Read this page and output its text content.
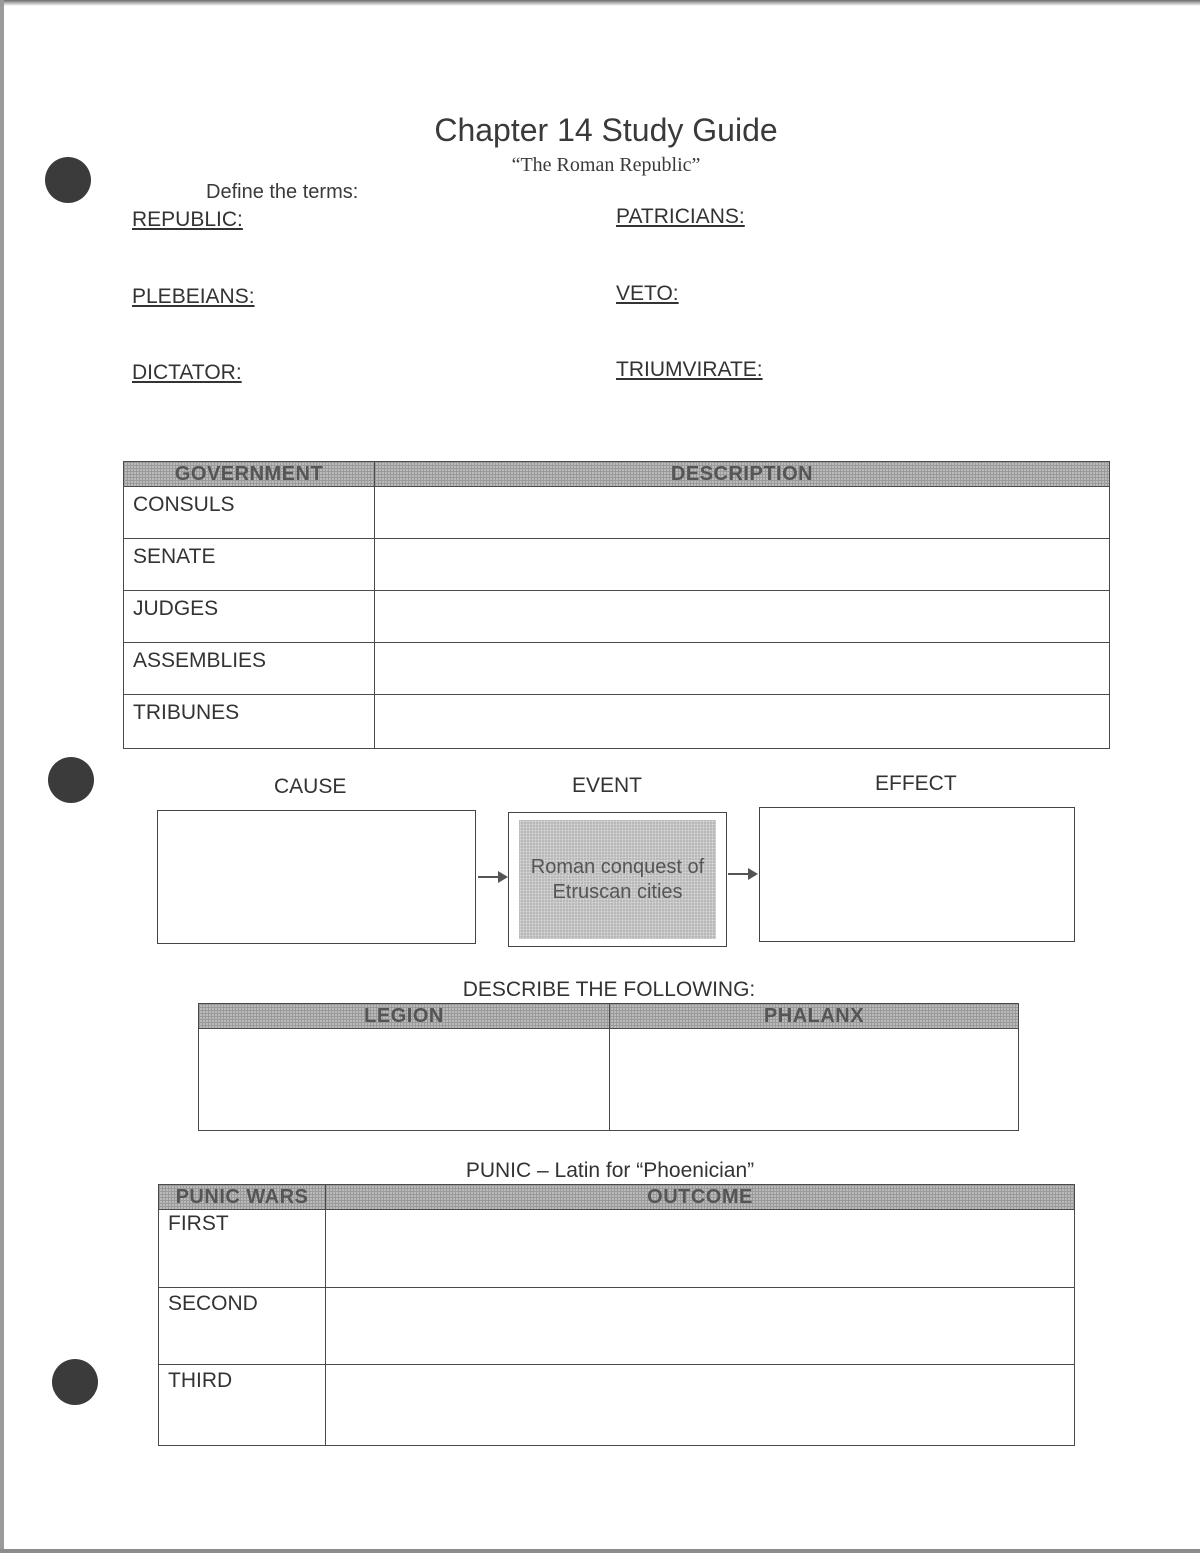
Chapter 14 Study Guide
“The Roman Republic”
Define the terms:
REPUBLIC:	PATRICIANS:
PLEBEIANS:	VETO:
DICTATOR:	TRIUMVIRATE:
GOVERNMENT	DESCRIPTION
CONSULS	
SENATE	
JUDGES	
ASSEMBLIES	
TRIBUNES	
CAUSE	EVENT	EFFECT
Roman conquest of Etruscan cities
DESCRIBE THE FOLLOWING:
LEGION	PHALANX

PUNIC – Latin for “Phoenician”
PUNIC WARS	OUTCOME
FIRST	
SECOND	
THIRD	
